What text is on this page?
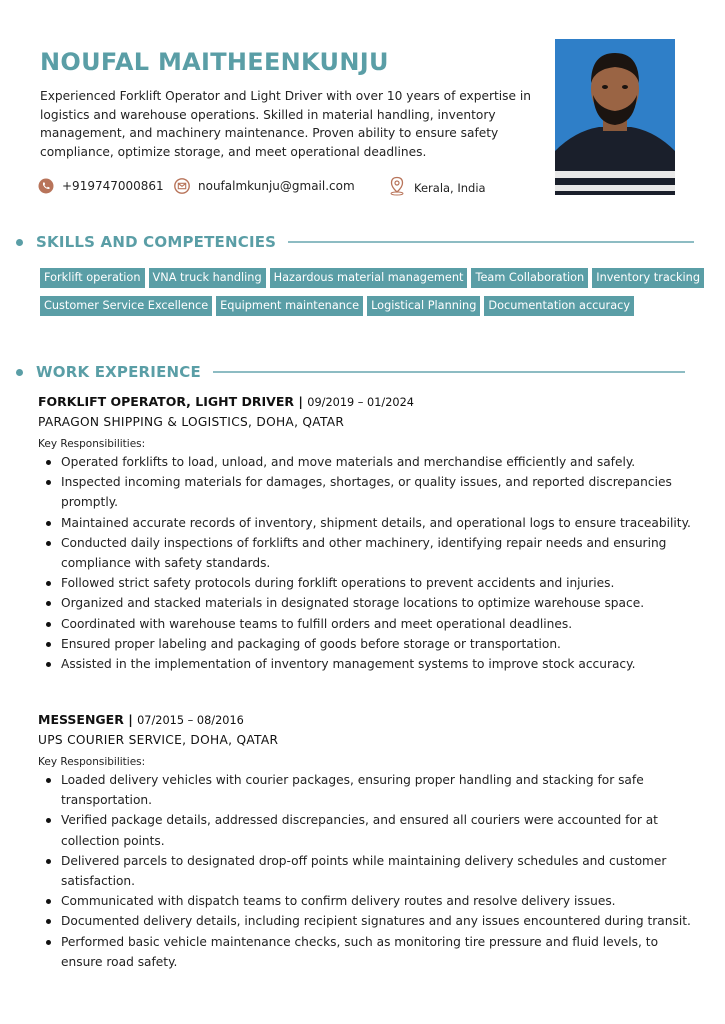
NOUFAL MAITHEENKUNJU

Experienced Forklift Operator and Light Driver with over 10 years of expertise in logistics and warehouse operations. Skilled in material handling, inventory management, and machinery maintenance. Proven ability to ensure safety compliance, optimize storage, and meet operational deadlines.

+919747000861	noufalmkunju@gmail.com	Kerala, India
SKILLS AND COMPETENCIES
Forklift operation	VNA truck handling	Hazardous material management	Team Collaboration	Inventory tracking
Customer Service Excellence	Equipment maintenance	Logistical Planning	Documentation accuracy
WORK EXPERIENCE
FORKLIFT OPERATOR, LIGHT DRIVER | 09/2019 – 01/2024
PARAGON SHIPPING & LOGISTICS, DOHA, QATAR
Key Responsibilities:
Operated forklifts to load, unload, and move materials and merchandise efficiently and safely.
Inspected incoming materials for damages, shortages, or quality issues, and reported discrepancies promptly.
Maintained accurate records of inventory, shipment details, and operational logs to ensure traceability.
Conducted daily inspections of forklifts and other machinery, identifying repair needs and ensuring compliance with safety standards.
Followed strict safety protocols during forklift operations to prevent accidents and injuries.
Organized and stacked materials in designated storage locations to optimize warehouse space.
Coordinated with warehouse teams to fulfill orders and meet operational deadlines.
Ensured proper labeling and packaging of goods before storage or transportation.
Assisted in the implementation of inventory management systems to improve stock accuracy.
MESSENGER | 07/2015 – 08/2016
UPS COURIER SERVICE, DOHA, QATAR
Key Responsibilities:
Loaded delivery vehicles with courier packages, ensuring proper handling and stacking for safe transportation.
Verified package details, addressed discrepancies, and ensured all couriers were accounted for at collection points.
Delivered parcels to designated drop-off points while maintaining delivery schedules and customer satisfaction.
Communicated with dispatch teams to confirm delivery routes and resolve delivery issues.
Documented delivery details, including recipient signatures and any issues encountered during transit.
Performed basic vehicle maintenance checks, such as monitoring tire pressure and fluid levels, to ensure road safety.
